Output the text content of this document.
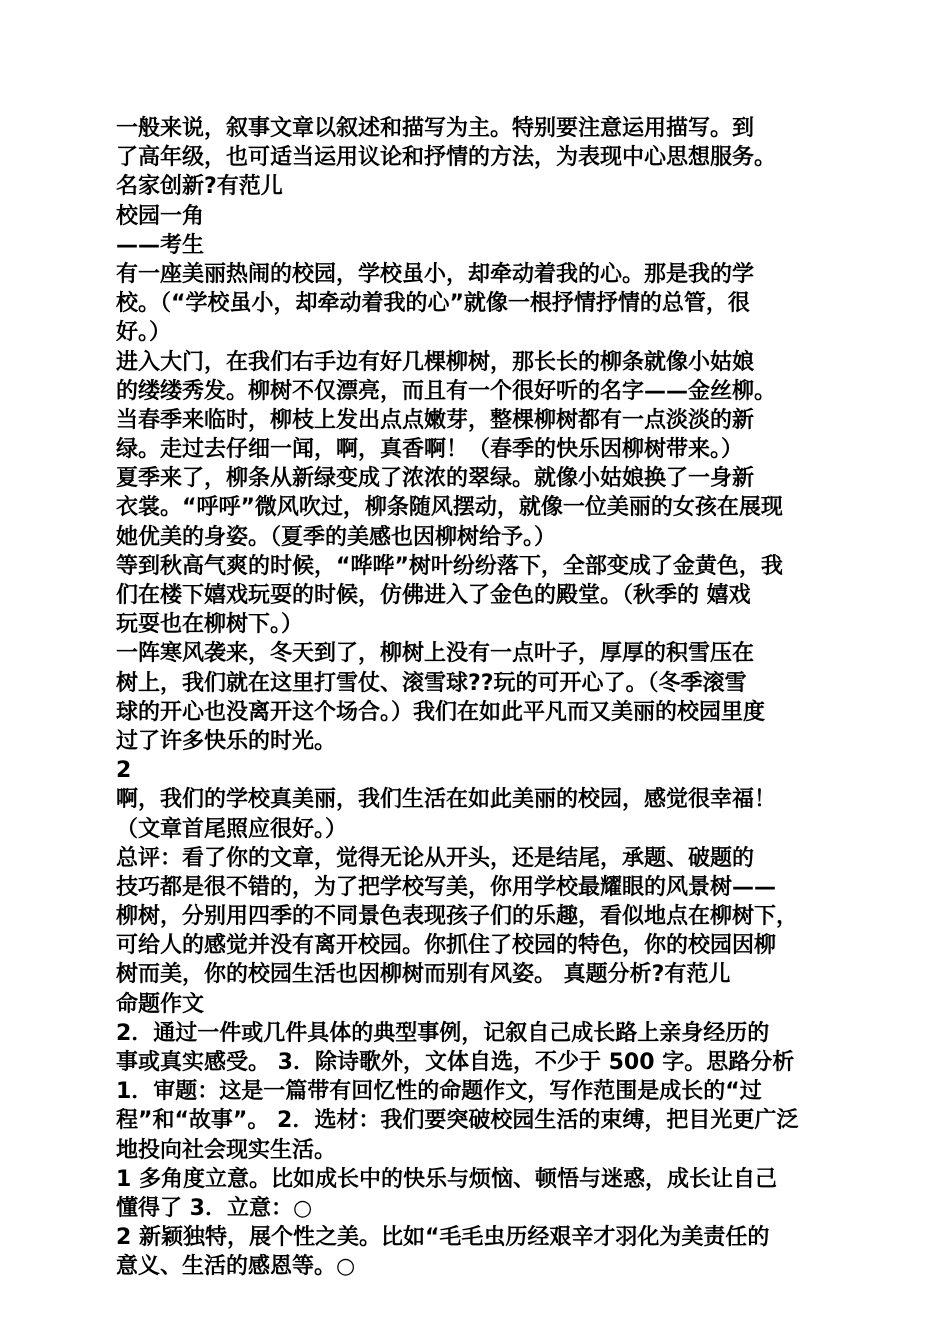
一般来说，叙事文章以叙述和描写为主。特别要注意运用描写。到
了高年级，也可适当运用议论和抒情的方法，为表现中心思想服务。
名家创新?有范儿
校园一角
——考生
有一座美丽热闹的校园，学校虽小，却牵动着我的心。那是我的学
校。（“学校虽小，却牵动着我的心”就像一根抒情抒情的总管，很
好。）
进入大门，在我们右手边有好几棵柳树，那长长的柳条就像小姑娘
的缕缕秀发。柳树不仅漂亮，而且有一个很好听的名字——金丝柳。
当春季来临时，柳枝上发出点点嫩芽，整棵柳树都有一点淡淡的新
绿。走过去仔细一闻，啊，真香啊！（春季的快乐因柳树带来。）
夏季来了，柳条从新绿变成了浓浓的翠绿。就像小姑娘换了一身新
衣裳。“呼呼”微风吹过，柳条随风摆动，就像一位美丽的女孩在展现
她优美的身姿。（夏季的美感也因柳树给予。）
等到秋高气爽的时候，“哗哗”树叶纷纷落下，全部变成了金黄色，我
们在楼下嬉戏玩耍的时候，仿佛进入了金色的殿堂。（秋季的 嬉戏
玩耍也在柳树下。）
一阵寒风袭来，冬天到了，柳树上没有一点叶子，厚厚的积雪压在
树上，我们就在这里打雪仗、滚雪球??玩的可开心了。（冬季滚雪
球的开心也没离开这个场合。）我们在如此平凡而又美丽的校园里度
过了许多快乐的时光。
2
啊，我们的学校真美丽，我们生活在如此美丽的校园，感觉很幸福！
（文章首尾照应很好。）
总评：看了你的文章，觉得无论从开头，还是结尾，承题、破题的
技巧都是很不错的，为了把学校写美，你用学校最耀眼的风景树——
柳树，分别用四季的不同景色表现孩子们的乐趣，看似地点在柳树下，
可给人的感觉并没有离开校园。你抓住了校园的特色，你的校园因柳
树而美，你的校园生活也因柳树而别有风姿。 真题分析?有范儿
命题作文
2．通过一件或几件具体的典型事例，记叙自己成长路上亲身经历的
事或真实感受。 3．除诗歌外，文体自选，不少于 500 字。思路分析
1．审题：这是一篇带有回忆性的命题作文，写作范围是成长的“过
程”和“故事”。 2．选材：我们要突破校园生活的束缚，把目光更广泛
地投向社会现实生活。
1 多角度立意。比如成长中的快乐与烦恼、顿悟与迷惑，成长让自己
懂得了 3．立意：○
2 新颖独特，展个性之美。比如“毛毛虫历经艰辛才羽化为美责任的
意义、生活的感恩等。○
